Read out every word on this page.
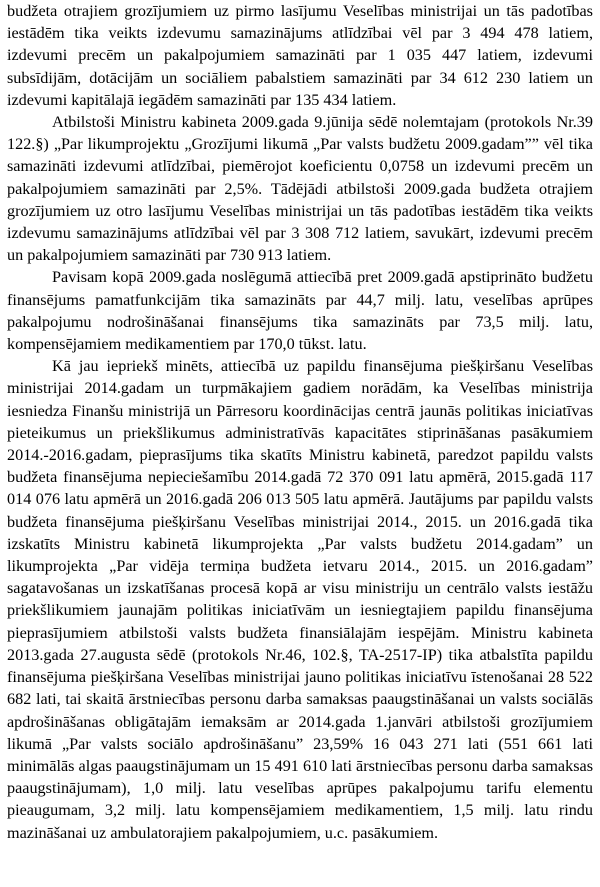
budžeta otrajiem grozījumiem uz pirmo lasījumu Veselības ministrijai un tās padotības iestādēm tika veikts izdevumu samazinājums atlīdzībai vēl par 3 494 478 latiem, izdevumi precēm un pakalpojumiem samazināti par 1 035 447 latiem, izdevumi subsīdijām, dotācijām un sociāliem pabalstiem samazināti par 34 612 230 latiem un izdevumi kapitālajā iegādēm samazināti par 135 434 latiem.

Atbilstoši Ministru kabineta 2009.gada 9.jūnija sēdē nolemtajam (protokols Nr.39 122.§) „Par likumprojektu „Grozījumi likumā „Par valsts budžetu 2009.gadam”” vēl tika samazināti izdevumi atlīdzībai, piemērojot koeficientu 0,0758 un izdevumi precēm un pakalpojumiem samazināti par 2,5%. Tādējādi atbilstoši 2009.gada budžeta otrajiem grozījumiem uz otro lasījumu Veselības ministrijai un tās padotības iestādēm tika veikts izdevumu samazinājums atlīdzībai vēl par 3 308 712 latiem, savukārt, izdevumi precēm un pakalpojumiem samazināti par 730 913 latiem.

Pavisam kopā 2009.gada noslēgumā attiecībā pret 2009.gadā apstiprināto budžetu finansējums pamatfunkcijām tika samazināts par 44,7 milj. latu, veselības aprūpes pakalpojumu nodrošināšanai finansējums tika samazināts par 73,5 milj. latu, kompensējamiem medikamentiem par 170,0 tūkst. latu.

Kā jau iepriekš minēts, attiecībā uz papildu finansējuma piešķiršanu Veselības ministrijai 2014.gadam un turpmākajiem gadiem norādām, ka Veselības ministrija iesniedza Finanšu ministrijā un Pārresoru koordinācijas centrā jaunās politikas iniciatīvas pieteikumus un priekšlikumus administratīvās kapacitātes stiprināšanas pasākumiem 2014.-2016.gadam, pieprasījums tika skatīts Ministru kabinetā, paredzot papildu valsts budžeta finansējuma nepieciešamību 2014.gadā 72 370 091 latu apmērā, 2015.gadā 117 014 076 latu apmērā un 2016.gadā 206 013 505 latu apmērā. Jautājums par papildu valsts budžeta finansējuma piešķiršanu Veselības ministrijai 2014., 2015. un 2016.gadā tika izskatīts Ministru kabinetā likumprojekta „Par valsts budžetu 2014.gadam” un likumprojekta „Par vidēja termiņa budžeta ietvaru 2014., 2015. un 2016.gadam” sagatavošanas un izskatīšanas procesā kopā ar visu ministriju un centrālo valsts iestāžu priekšlikumiem jaunajām politikas iniciatīvām un iesniegtajiem papildu finansējuma pieprasījumiem atbilstoši valsts budžeta finansiālajām iespējām. Ministru kabineta 2013.gada 27.augusta sēdē (protokols Nr.46, 102.§, TA-2517-IP) tika atbalstīta papildu finansējuma piešķiršana Veselības ministrijai jauno politikas iniciatīvu īstenošanai 28 522 682 lati, tai skaitā ārstniecības personu darba samaksas paaugstināšanai un valsts sociālās apdrošināšanas obligātajām iemaksām ar 2014.gada 1.janvāri atbilstoši grozījumiem likumā „Par valsts sociālo apdrošināšanu” 23,59% 16 043 271 lati (551 661 lati minimālās algas paaugstinājumam un 15 491 610 lati ārstniecības personu darba samaksas paaugstinājumam), 1,0 milj. latu veselības aprūpes pakalpojumu tarifu elementu pieaugumam, 3,2 milj. latu kompensējamiem medikamentiem, 1,5 milj. latu rindu mazināšanai uz ambulatorajiem pakalpojumiem, u.c. pasākumiem.
